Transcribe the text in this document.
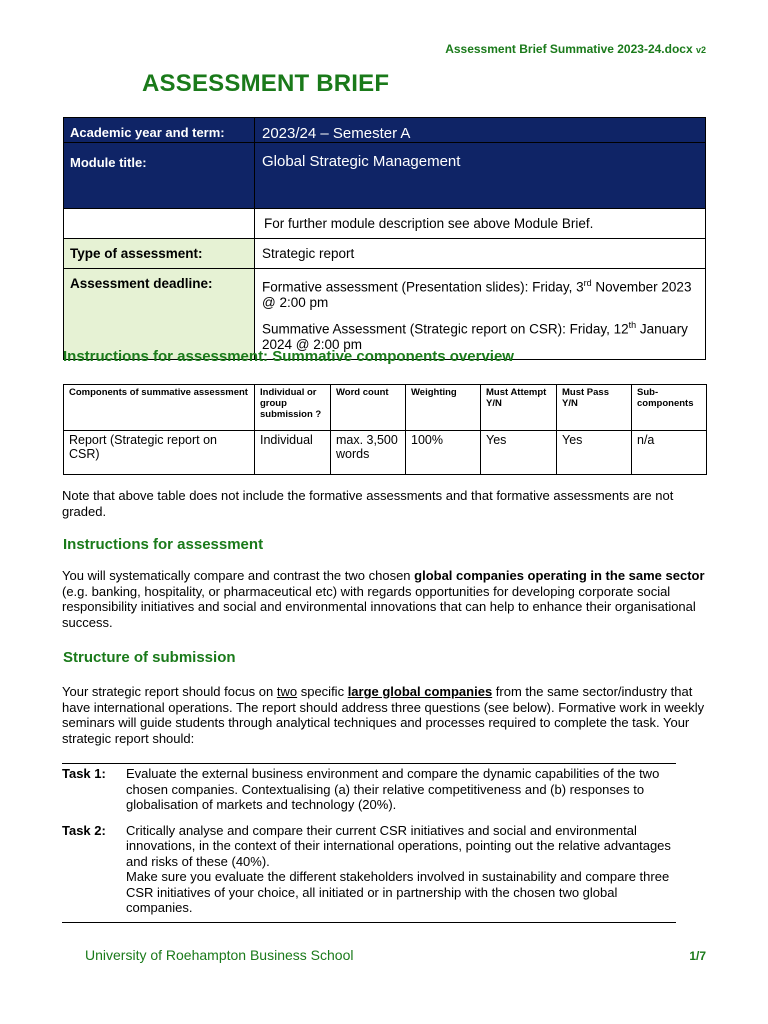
Assessment Brief Summative 2023-24.docx v2
ASSESSMENT BRIEF
Academic year and term:	2023/24 – Semester A
Module title:	Global Strategic Management
	For further module description see above Module Brief.
Type of assessment:	Strategic report
Assessment deadline:	Formative assessment (Presentation slides): Friday, 3rd November 2023 @ 2:00 pm
Summative Assessment (Strategic report on CSR): Friday, 12th January 2024 @ 2:00 pm
Instructions for assessment: Summative components overview
Components of summative assessment	Individual or group submission ?	Word count	Weighting	Must Attempt Y/N	Must Pass Y/N	Sub-components
Report (Strategic report on CSR)	Individual	max. 3,500 words	100%	Yes	Yes	n/a
Note that above table does not include the formative assessments and that formative assessments are not graded.
Instructions for assessment
You will systematically compare and contrast the two chosen global companies operating in the same sector (e.g. banking, hospitality, or pharmaceutical etc) with regards opportunities for developing corporate social responsibility initiatives and social and environmental innovations that can help to enhance their organisational success.
Structure of submission
Your strategic report should focus on two specific large global companies from the same sector/industry that have international operations. The report should address three questions (see below). Formative work in weekly seminars will guide students through analytical techniques and processes required to complete the task. Your strategic report should:
Task 1:	Evaluate the external business environment and compare the dynamic capabilities of the two chosen companies. Contextualising (a) their relative competitiveness and (b) responses to globalisation of markets and technology (20%).
Task 2:	Critically analyse and compare their current CSR initiatives and social and environmental innovations, in the context of their international operations, pointing out the relative advantages and risks of these (40%).
Make sure you evaluate the different stakeholders involved in sustainability and compare three CSR initiatives of your choice, all initiated or in partnership with the chosen two global companies.
University of Roehampton Business School	1/7
